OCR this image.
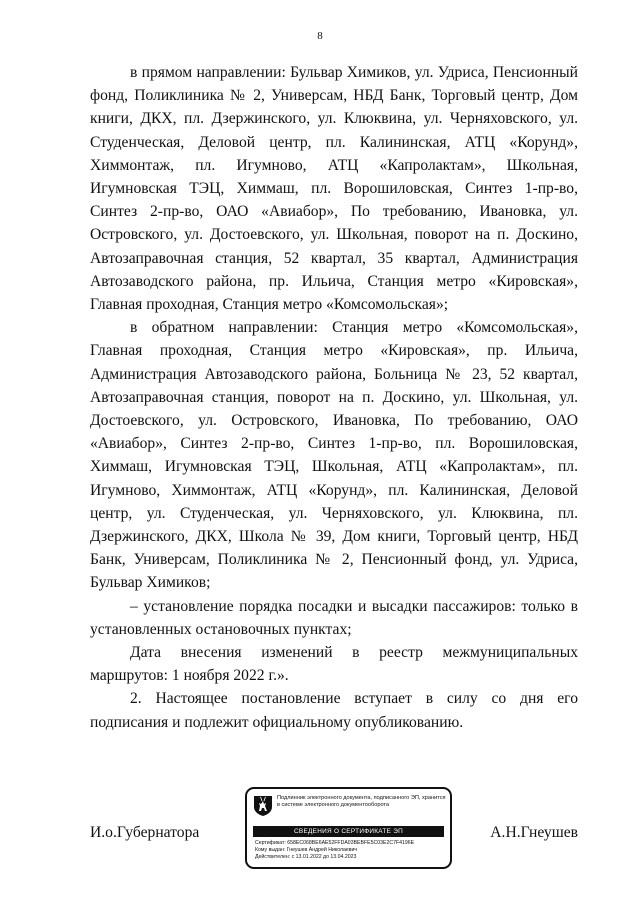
8

в прямом направлении: Бульвар Химиков, ул. Удриса, Пенсионный фонд, Поликлиника № 2, Универсам, НБД Банк, Торговый центр, Дом книги, ДКХ, пл. Дзержинского, ул. Клюквина, ул. Черняховского, ул. Студенческая, Деловой центр, пл. Калининская, АТЦ «Корунд», Химмонтаж, пл. Игумново, АТЦ «Капролактам», Школьная, Игумновская ТЭЦ, Химмаш, пл. Ворошиловская, Синтез 1-пр-во, Синтез 2-пр-во, ОАО «Авиабор», По требованию, Ивановка, ул. Островского, ул. Достоевского, ул. Школьная, поворот на п. Доскино, Автозаправочная станция, 52 квартал, 35 квартал, Администрация Автозаводского района, пр. Ильича, Станция метро «Кировская», Главная проходная, Станция метро «Комсомольская»;

в обратном направлении: Станция метро «Комсомольская», Главная проходная, Станция метро «Кировская», пр. Ильича, Администрация Автозаводского района, Больница № 23, 52 квартал, Автозаправочная станция, поворот на п. Доскино, ул. Школьная, ул. Достоевского, ул. Островского, Ивановка, По требованию, ОАО «Авиабор», Синтез 2-пр-во, Синтез 1-пр-во, пл. Ворошиловская, Химмаш, Игумновская ТЭЦ, Школьная, АТЦ «Капролактам», пл. Игумново, Химмонтаж, АТЦ «Корунд», пл. Калининская, Деловой центр, ул. Студенческая, ул. Черняховского, ул. Клюквина, пл. Дзержинского, ДКХ, Школа № 39, Дом книги, Торговый центр, НБД Банк, Универсам, Поликлиника № 2, Пенсионный фонд, ул. Удриса, Бульвар Химиков;

– установление порядка посадки и высадки пассажиров: только в установленных остановочных пунктах;

Дата внесения изменений в реестр межмуниципальных маршрутов: 1 ноября 2022 г.».

2. Настоящее постановление вступает в силу со дня его подписания и подлежит официальному опубликованию.

И.о.Губернатора	А.Н.Гнеушев
Подлинник электронного документа, подписанного ЭП, хранится в системе электронного документооборота
СВЕДЕНИЯ О СЕРТИФИКАТЕ ЭП
Сертификат: 658EC068BE6AE52FFDA03BEBFE5C03E2C7F4196E
Кому выдан: Гнеушев Андрей Николаевич
Действителен: с 13.01.2022 до 13.04.2023
